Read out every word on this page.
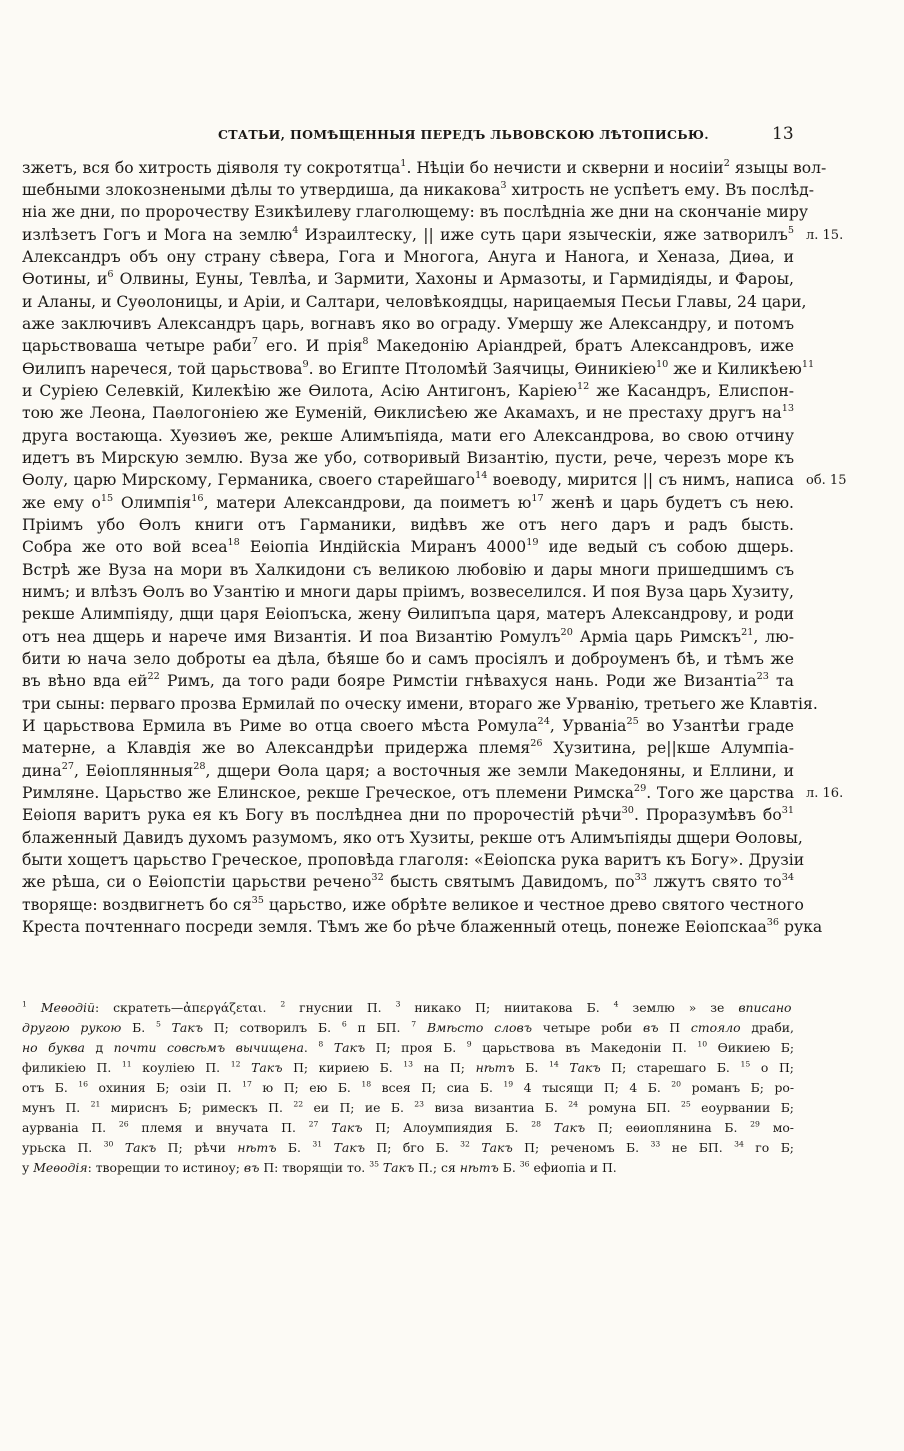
СТАТЬИ, ПОМѢЩЕННЫЯ ПЕРЕДЪ ЛЬВОВСКОЮ ЛѢТОПИСЬЮ.	13
зжетъ, вся бо хитрость діяволя ту сокротятца$^1$. Нѣціи бо нечисти и скверни и носиіи$^2$ языцы вол-
шебными злокознеными дѣлы то утвердиша, да никакова$^3$ хитрость не успѣетъ ему. Въ послѣд-
ніа же дни, по пророчеству Езикѣилеву глаголющему: въ послѣдніа же дни на скончаніе миру
излѣзетъ Гогъ и Мога на землю$^4$ Израилтеску, || иже суть цари языческіи, яже затворилъ$^5$
Александръ объ ону страну сѣвера, Гога и Многога, Ануга и Нанога, и Хеназа, Диѳа, и
Ѳотины, $и^6$ Олвины, Еуны, Тевлѣа, и Зармити, Хахоны и Армазоты, и Гармидіяды, и Фароы,
и Аланы, и Суѳолоницы, и Аріи, и Салтари, человѣкоядцы, нарицаемыя Песьи Главы, 24 цари,
аже заключивъ Александръ царь, вогнавъ яко во ограду. Умершу же Александру, и потомъ
царьствоваша четыре раби$^7$ его. И прія$^8$ Македонію Аріандрей, братъ Александровъ, иже
Ѳилипъ наречеся, той царьствова$^9$. во Египте Птоломѣй Заячицы, Ѳиникіею$^{10}$ же и Киликѣею$^{11}$
и Суріею Селевкій, Килекѣію же Ѳилота, Асію Антигонъ, Каріею$^{12}$ же Касандръ, Елиспон-
тою же Леона, Паѳлогоніею же Еуменій, Ѳиклисѣею же Акамахъ, и не престаху другъ $на^{13}$
друга востающа. Хуѳзиѳъ же, рекше Алимъпіяда, мати его Александрова, во свою отчину
идетъ въ Мирскую землю. Вуза же убо, сотворивый Византію, пусти, рече, черезъ море къ
Ѳолу, царю Мирскому, Германика, своего старейшаго$^{14}$ воеводу, мирится || съ нимъ, написа
же ему $о^{15}$ Олимпія$^{16}$, матери Александрови, да поиметъ $ю^{17}$ женѣ и царь будетъ съ нею.
Пріимъ убо Ѳолъ книги отъ Гарманики, видѣвъ же отъ него даръ и радъ бысть.
Собра же ото вой всеа$^{18}$ Еѳіопіа Индійскіа Миранъ 4000$^{19}$ иде ведый съ собою дщерь.
Встрѣ же Вуза на мори въ Халкидони съ великою любовію и дары многи пришедшимъ съ
нимъ; и влѣзъ Ѳолъ во Узантію и многи дары пріимъ, возвеселился. И поя Вуза царь Хузиту,
рекше Алимпіяду, дщи царя Еѳіопъска, жену Ѳилипъпа царя, матеръ Александрову, и роди
отъ неа дщерь и нарече имя Византія. И поа Византію Ромулъ$^{20}$ Арміа царь Римскъ$^{21}$, лю-
бити ю нача зело доброты еа дѣла, бѣяше бо и самъ просіялъ и доброуменъ бѣ, и тѣмъ же
въ вѣно вда $ей^{22}$ Римъ, да того ради бояре Римстіи гнѣвахуся нань. Роди же Византіа$^{23}$ та
три сыны: перваго прозва Ермилай по оческу имени, вторaго же Урванію, третьего же Клавтія.
И царьствова Ермила въ Риме во отца своего мѣста Ромула$^{24}$, Урваніа$^{25}$ во Узантѣи граде
матерне, а Клавдія же во Александрѣи придержа племя$^{26}$ Хузитина, ре||кше Алумпіа-
дина$^{27}$, Еѳіоплянныя$^{28}$, дщери Ѳола царя; а восточныя же земли Македоняны, и Еллини, и
Римляне. Царьство же Елинское, рекше Греческое, отъ племени Римска$^{29}$. Того же царства
Еѳіопя варитъ рука ея къ Богу въ послѣднеа дни по пророчестій рѣчи$^{30}$. Проразумѣвъ $бо^{31}$
блаженный Давидъ духомъ разумомъ, яко отъ Хузиты, рекше отъ Алимъпіяды дщери Ѳоловы,
быти хощетъ царьство Греческое, проповѣда глаголя: «Еѳіопска рука варитъ къ Богу». Друзіи
же рѣша, си о Еѳіопстіи царьстви речено$^{32}$ бысть святымъ Давидомъ, $по^{33}$ лжутъ свято $то^{34}$
творяще: воздвигнетъ бо $ся^{35}$ царьство, иже обрѣте великое и честное древо святого честного
Креста почтеннаго посреди земля. Тѣмъ же бо рѣче блаженный отець, понеже Еѳіопскаа$^{36}$ рука
л. 15.
об. 15
л. 16.
$^1$ Меѳодій: скратеть—ἀπεργάζεται. $^2$ гнуснии П. $^3$ никако П; ниитакова Б. $^4$ землю » зе вписано
другою рукою Б. $^5$ Такъ П; сотворилъ Б. $^6$ п БП. $^7$ Вмѣсто словъ четыре роби въ П стояло драби,
но буква д почти совсѣмъ вычищена. $^8$ Такъ П; проя Б. $^9$ царьствова въ Македоніи П. $^{10}$ Ѳикиею Б;
филикіею П. $^{11}$ коуліею П. $^{12}$ Такъ П; киpиею Б. $^{13}$ на П; нѣтъ Б. $^{14}$ Такъ П; старешаго Б. $^{15}$ о П;
отъ Б. $^{16}$ охиния Б; озіи П. $^{17}$ ю П; ею Б. $^{18}$ всея П; сиа Б. $^{19}$ 4 тысящи П; 4 Б. $^{20}$ романъ Б; ро-
мунъ П. $^{21}$ мириснъ Б; римескъ П. $^{22}$ еи П; ие Б. $^{23}$ виза византиа Б. $^{24}$ ромуна БП. $^{25}$ еоурвании Б;
аурваніа П. $^{26}$ племя и внучата П. $^{27}$ Такъ П; Алоумпиядия Б. $^{28}$ Такъ П; еѳиоплянина Б. $^{29}$ мо-
урьска П. $^{30}$ Такъ П; рѣчи нѣтъ Б. $^{31}$ Такъ П; бго Б. $^{32}$ Такъ П; реченомъ Б. $^{33}$ не БП. $^{34}$ го Б;
у Меѳодія: творещии то истиноу; въ П: творящіи то. $^{35}$ Такъ П.; ся нѣтъ Б. $^{36}$ ефиопіа и П.
